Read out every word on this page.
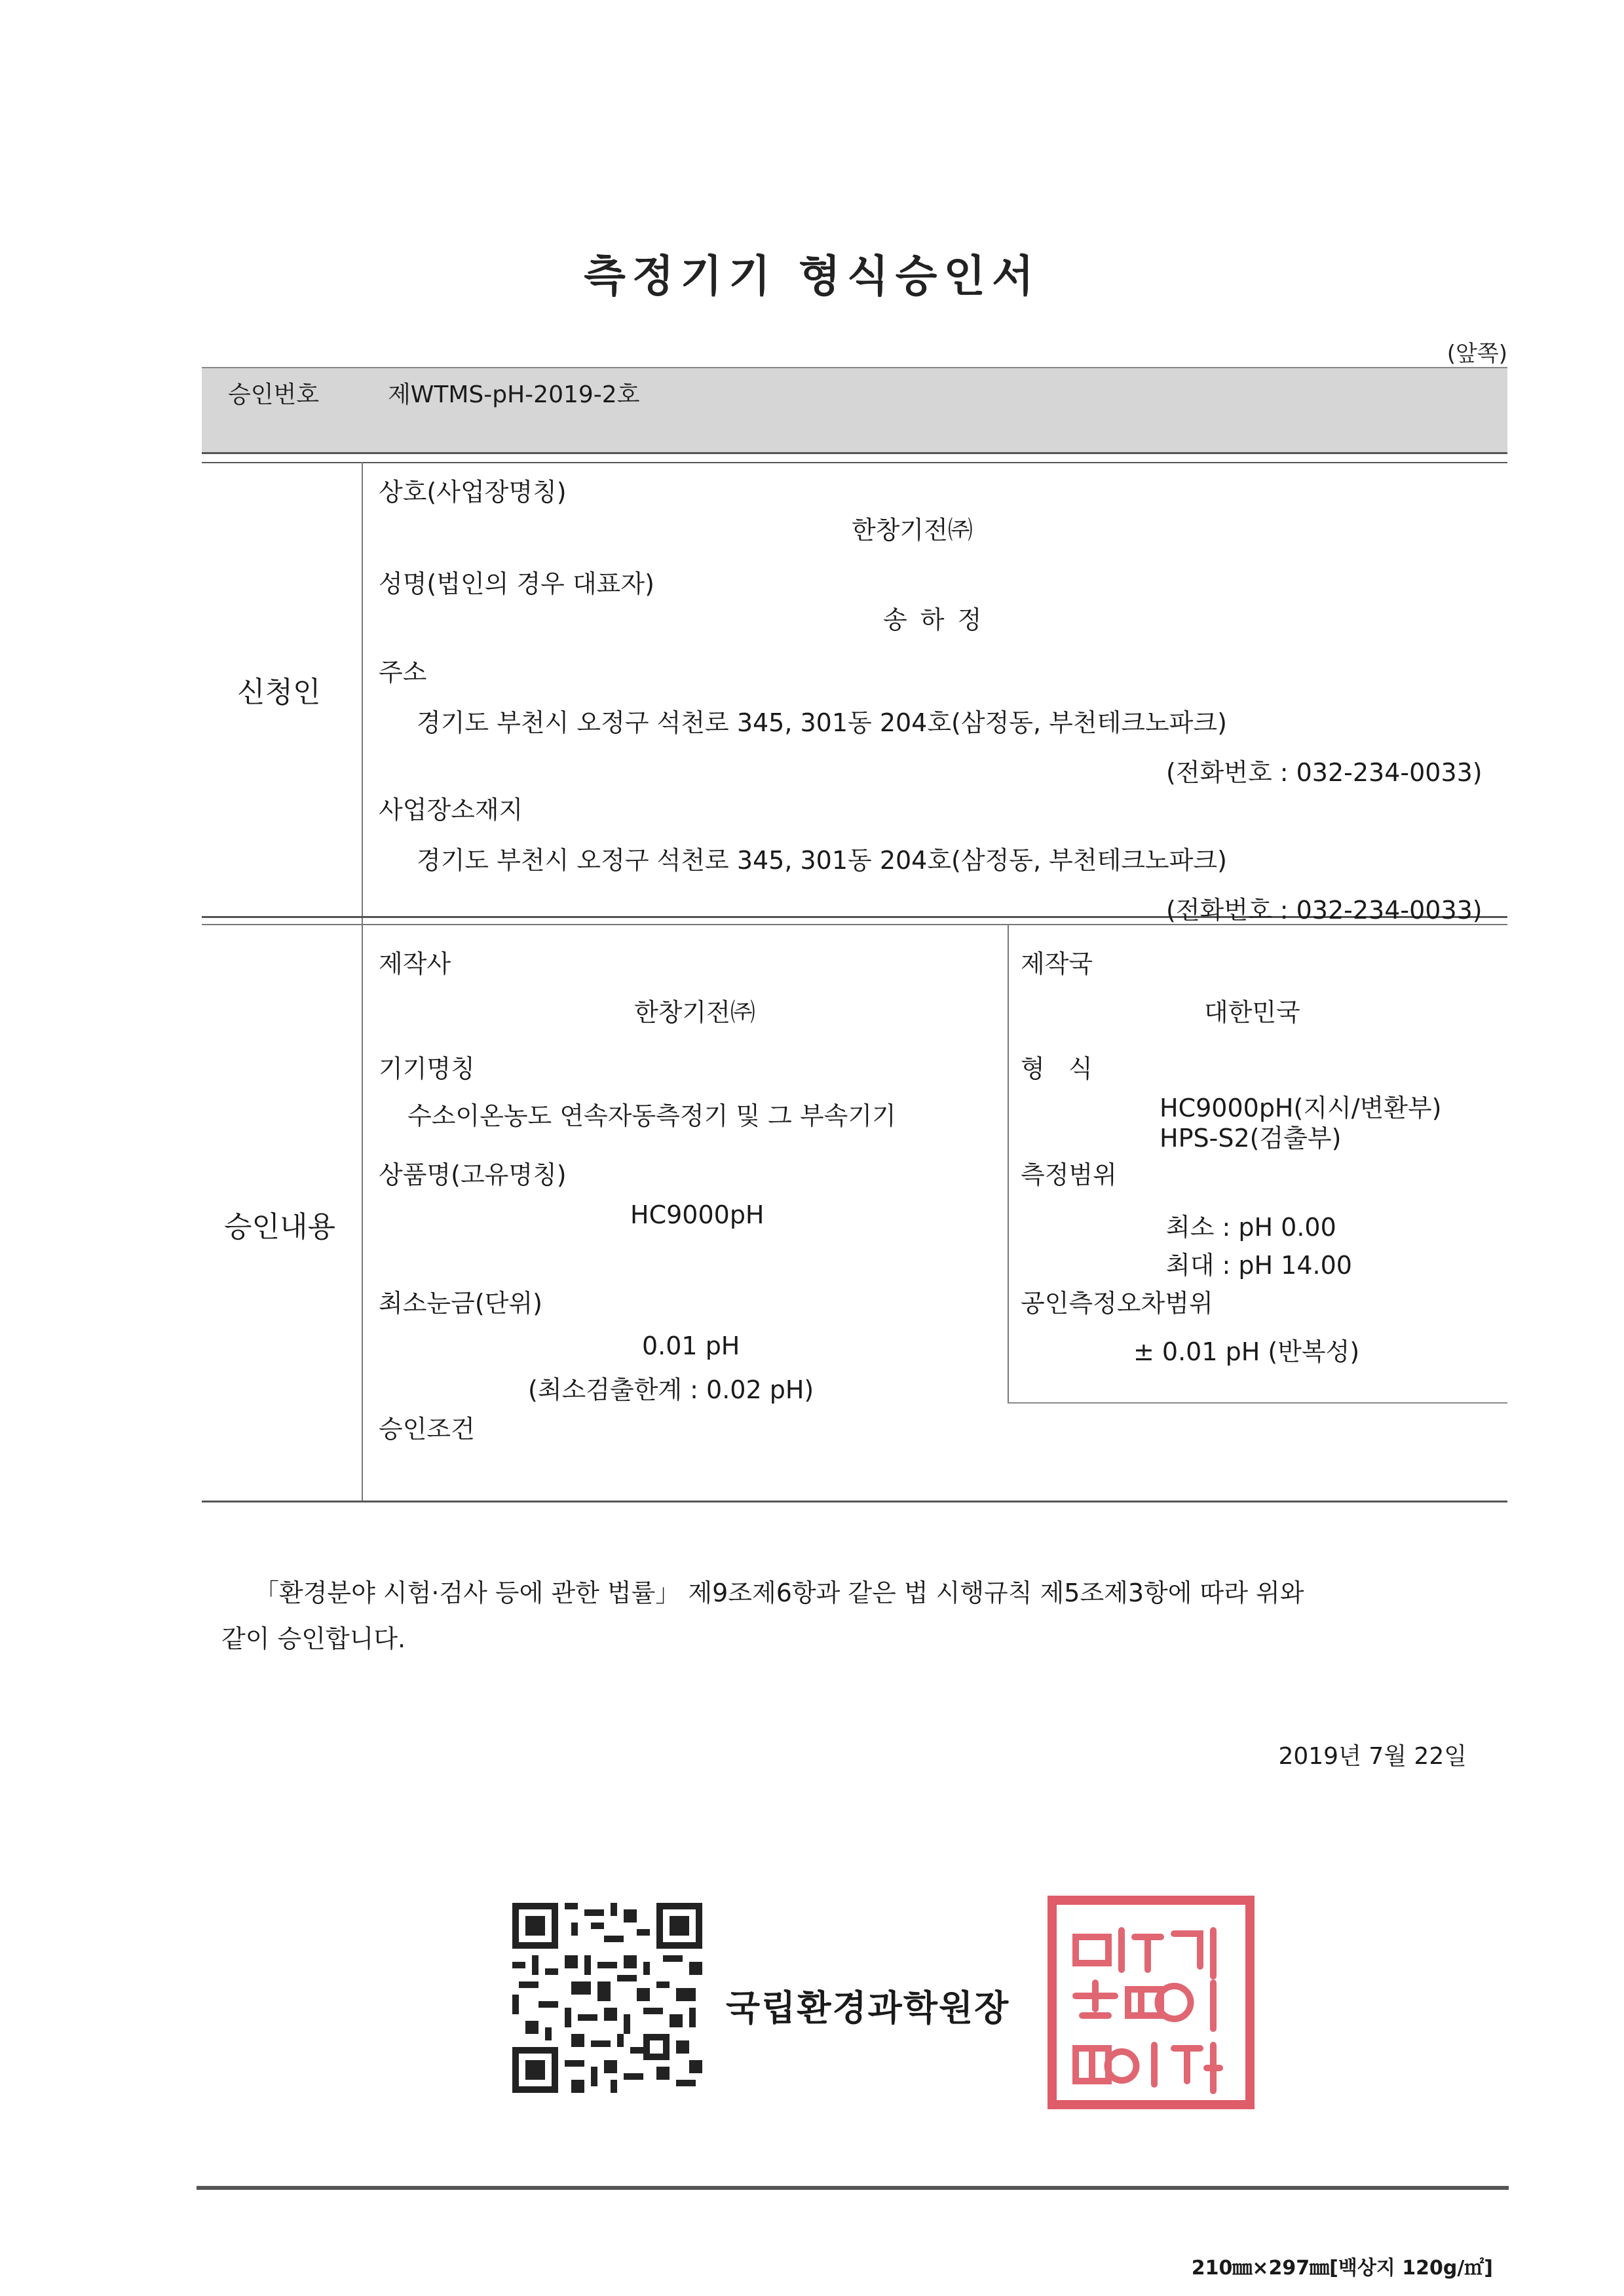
측정기기 형식승인서
(앞쪽)
승인번호	제WTMS-pH-2019-2호
신청인
상호(사업장명칭)
한창기전㈜
성명(법인의 경우 대표자)
송 하 정
주소
경기도 부천시 오정구 석천로 345, 301동 204호(삼정동, 부천테크노파크)
(전화번호 : 032-234-0033)
사업장소재지
경기도 부천시 오정구 석천로 345, 301동 204호(삼정동, 부천테크노파크)
(전화번호 : 032-234-0033)
승인내용
제작사
한창기전㈜
제작국
대한민국
기기명칭
수소이온농도 연속자동측정기 및 그 부속기기
형   식
HC9000pH(지시/변환부)
HPS-S2(검출부)
상품명(고유명칭)
HC9000pH
측정범위
최소 : pH 0.00
최대 : pH 14.00
최소눈금(단위)
0.01 pH
(최소검출한계 : 0.02 pH)
공인측정오차범위
± 0.01 pH (반복성)
승인조건
「환경분야 시험·검사 등에 관한 법률」 제9조제6항과 같은 법 시행규칙 제5조제3항에 따라 위와
같이 승인합니다.
2019년 7월 22일
국립환경과학원장
210㎜×297㎜[백상지 120g/㎡]
